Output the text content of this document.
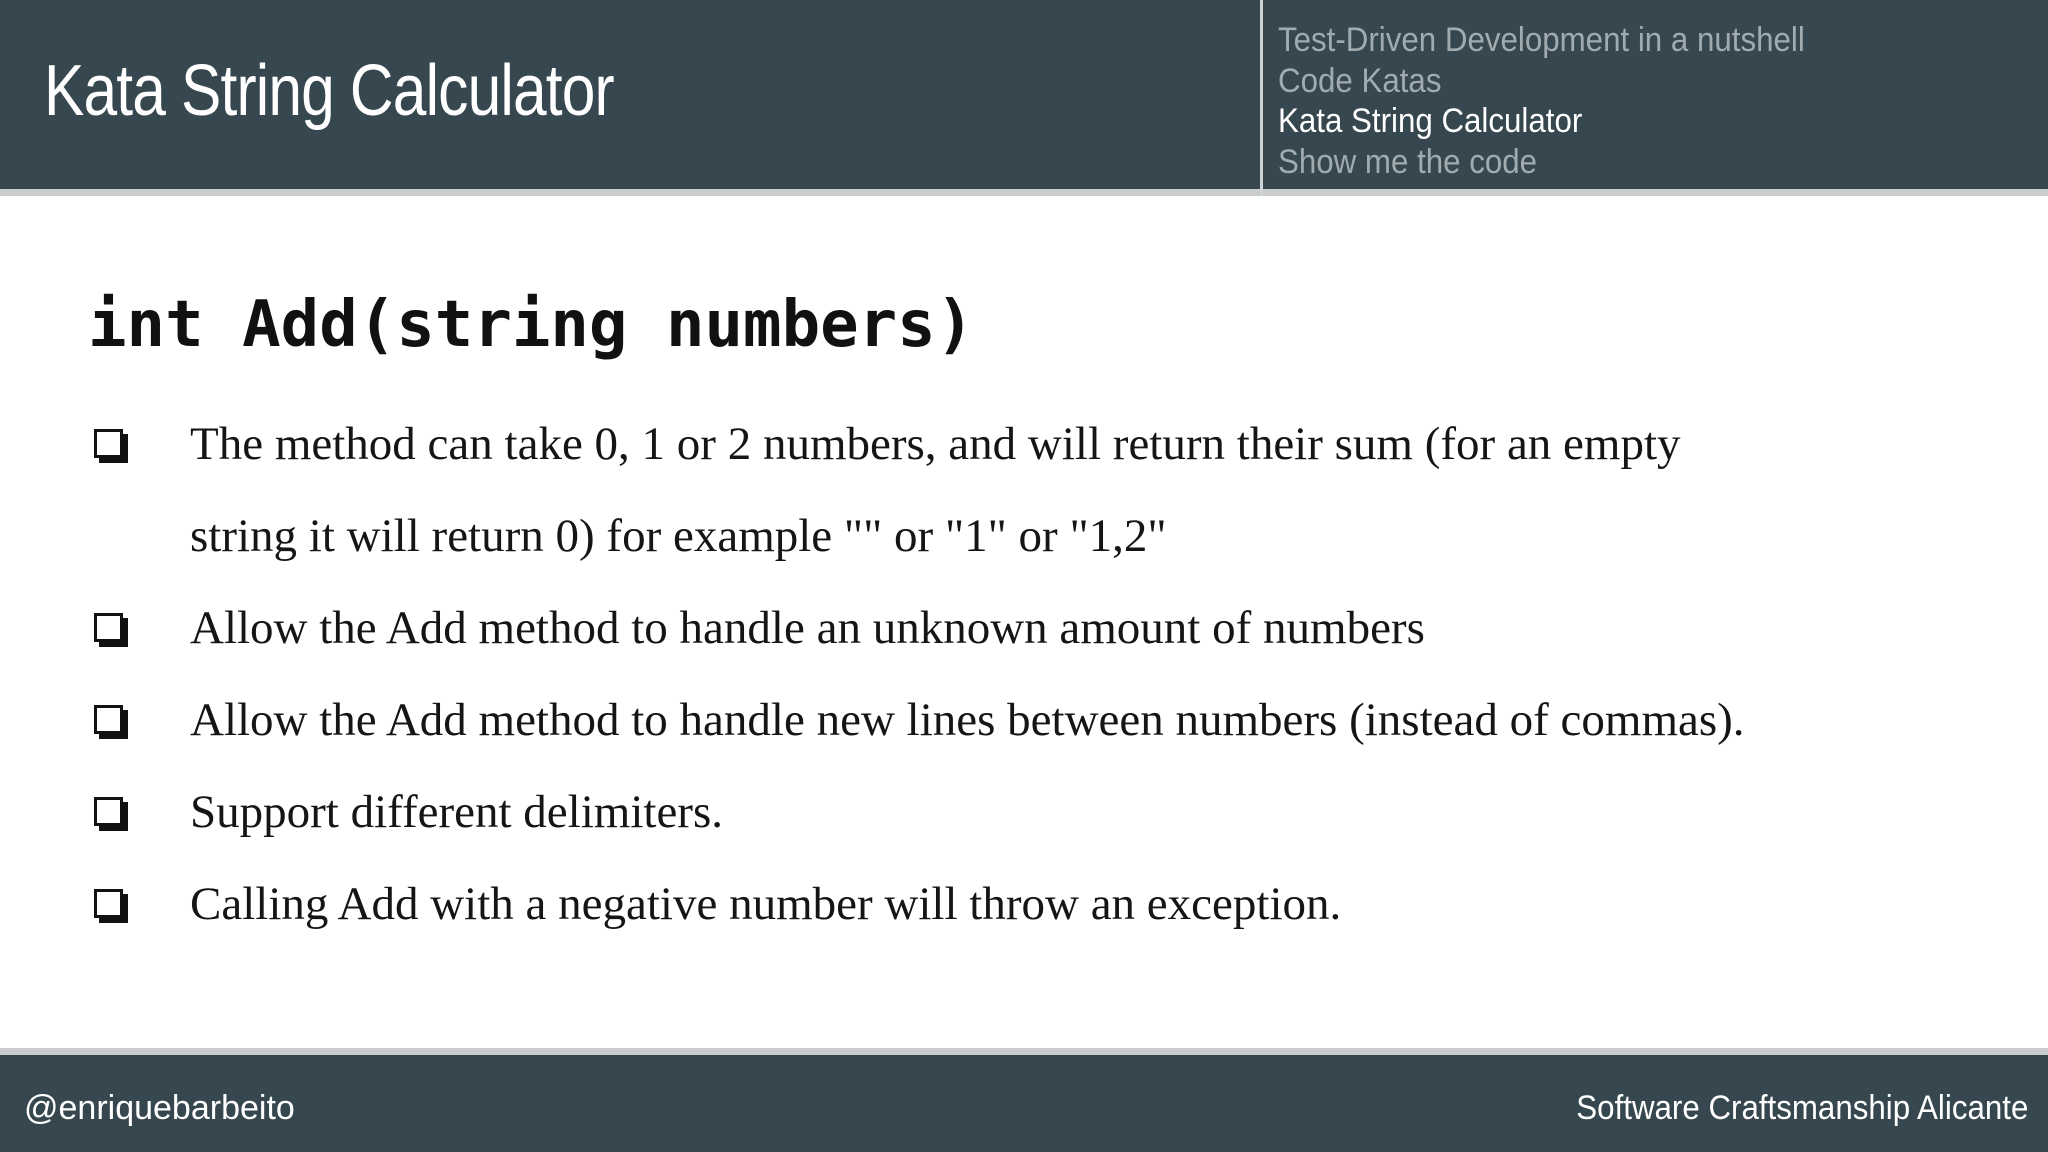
Kata String Calculator
Test-Driven Development in a nutshell
Code Katas
Kata String Calculator
Show me the code
int Add(string numbers)
The method can take 0, 1 or 2 numbers, and will return their sum (for an empty
string it will return 0) for example "" or "1" or "1,2"
Allow the Add method to handle an unknown amount of numbers
Allow the Add method to handle new lines between numbers (instead of commas).
Support different delimiters.
Calling Add with a negative number will throw an exception.
@enriquebarbeito	Software Craftsmanship Alicante
